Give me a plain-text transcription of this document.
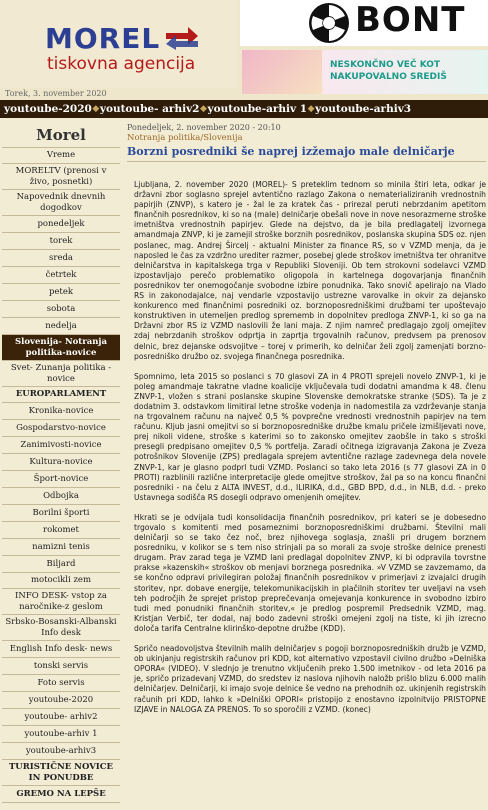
MOREL
tiskovna agencija
Torek, 3. november 2020
BONT
NESKONČNO VEČ KOT
NAKUPOVALNO SREDIŠ
youtoube-2020 ◆ youtoube- arhiv2 ◆ youtoube-arhiv 1 ◆ youtoube-arhiv3
Morel
Vreme
MORELTV (prenosi v živo, posnetki)
Napovednik dnevnih dogodkov
ponedeljek
torek
sreda
četrtek
petek
sobota
nedelja
Slovenija- Notranja politika-novice
Svet- Zunanja politika - novice
EUROPARLAMENT
Kronika-novice
Gospodarstvo-novice
Zanimivosti-novice
Kultura-novice
Šport-novice
Odbojka
Borilni športi
rokomet
namizni tenis
Biljard
motocikli zem
INFO DESK- vstop za naročnike-z geslom
Srbsko-Bosanski-Albanski Info desk
English Info desk- news
tonski servis
Foto servis
youtoube-2020
youtoube- arhiv2
youtoube-arhiv 1
youtoube-arhiv3
TURISTIČNE NOVICE IN PONUDBE
GREMO NA LEPŠE
Ponedeljek, 2. november 2020 - 20:10
Notranja politika/Slovenija
Borzni posredniki še naprej izžemajo male delničarje

Ljubljana, 2. november 2020 (MOREL)- S preteklim tednom so minila štiri leta, odkar je državni zbor soglasno sprejel avtentično razlago Zakona o nematerializiranih vrednostnih papirjih (ZNVP), s katero je - žal le za kratek čas - prirezal peruti nebrzdanim apetitom finančnih posrednikov, ki so na (male) delničarje obešali nove in nove nesorazmerne stroške imetništva vrednostnih papirjev. Glede na dejstvo, da je bila predlagatelj izvornega amandmaja ZNVP, ki je zamejil stroške borznih posrednikov, poslanska skupina SDS oz. njen poslanec, mag. Andrej Šircelj - aktualni Minister za finance RS, so v VZMD menja, da je naposled le čas za vzdržno urediter razmer, posebej glede stroškov imetništva ter ohranitve delničarstva in kapitalskega trga v Republiki Sloveniji. Ob tem strokovni sodelavci VZMD izpostavljajo perečo problematiko oligopola in kartelnega dogovarjanja finančnih posrednikov ter onemogočanje svobodne izbire ponudnika. Tako snovič apelirajo na Vlado RS in zakonodajalce, naj vendarle vzpostavijo ustrezne varovalke in okvir za dejansko konkurenco med finančnimi posredniki oz. borznoposredniškimi družbami ter upoštevajo konstruktiven in utemeljen predlog sprememb in dopolnitev predloga ZNVP-1, ki so ga na Državni zbor RS iz VZMD naslovili že lani maja. Z njim namreč predlagajo zgolj omejitev zdaj nebrzdanih stroškov odprtja in zaprtja trgovalnih računov, predvsem pa prenosov delnic, brez dejanske odsvojitve – torej v primerih, ko delničar želi zgolj zamenjati borzno-posredniško družbo oz. svojega finančnega posrednika.

Spomnimo, leta 2015 so poslanci s 70 glasovi ZA in 4 PROTI sprejeli novelo ZNVP-1, ki je poleg amandmaje takratne vladne koalicije vključevala tudi dodatni amandma k 48. členu ZNVP-1, vložen s strani poslanske skupine Slovenske demokratske stranke (SDS). Ta je z dodatnim 3. odstavkom limitiral letne stroške vodenja in nadomestila za vzdrževanje stanja na trgovalnem računu na največ 0,5 % povprečne vrednosti vrednostnih papirjev na tem računu. Kljub jasni omejitvi so si borznoposredniške družbe kmalu pričele izmišljevati nove, prej nikoli videne, stroške s katerimi so to zakonsko omejitev zaobšle in tako s stroški presegli predpisano omejitev 0,5 % portfelja. Zaradi očitnega izigravanja Zakona je Zveza potrošnikov Slovenije (ZPS) predlagala sprejem avtentične razlage zadevnega dela novele ZNVP-1, kar je glasno podprl tudi VZMD. Poslanci so tako leta 2016 (s 77 glasovi ZA in 0 PROTI) razblinili različne interpretacije glede omejitve stroškov, žal pa so na koncu finančni posredniki - na čelu z ALTA INVEST, d.d., ILIRIKA, d.d., GBD BPD, d.d., in NLB, d.d. - preko Ustavnega sodišča RS dosegli odpravo omenjenih omejitev.

Hkrati se je odvijala tudi konsolidacija finančnih posrednikov, pri kateri se je dobesedno trgovalo s komitenti med posameznimi borznoposredniškimi družbami. Številni mali delničarji so se tako čez noč, brez njihovega soglasja, znašli pri drugem borznem posredniku, v kolikor se s tem niso strinjali pa so morali za svoje stroške delnice prenesti drugam. Prav zarad tega je VZMD lani predlagal dopolnitev ZNVP, ki bi odpravila tovrstne prakse »kazenskih« stroškov ob menjavi borznega posrednika. »V VZMD se zavzemamo, da se končno odpravi privilegiran položaj finančnih posrednikov v primerjavi z izvajalci drugih storitev, npr. dobave energije, telekomunikacijskih in plačilnih storitev ter uveljavi na vseh teh področjih že sprejet pristop preprečevanja omejevanja konkurence in svobodno izbiro tudi med ponudniki finančnih storitev,« je predlog pospremil Predsednik VZMD, mag. Kristjan Verbič, ter dodal, naj bodo zadevni stroški omejeni zgolj na tiste, ki jih izrecno določa tarifa Centralne klirinško-depotne družbe (KDD).

Spričo neadovoljstva številnih malih delničarjev s pogoji borznoposredniških družb je VZMD, ob ukinjanju registrskih računov pri KDD, kot alternativo vzpostavil civilno družbo »Delniška OPORA« (VIDEO). V slednjo je trenutno vključenih preko 1.500 imetnikov - od leta 2016 pa je, spričo prizadevanj VZMD, do sredstev iz naslova njihovih naložb prišlo blizu 6.000 malih delničarjev. Delničarji, ki imajo svoje delnice še vedno na prehodnih oz. ukinjenih registrskih računih pri KDD, lahko k »Delniški OPORI« pristopijo z enostavno izpolnitvijo PRISTOPNE IZJAVE in NALOGA ZA PRENOS. To so sporočili z VZMD. (konec)
